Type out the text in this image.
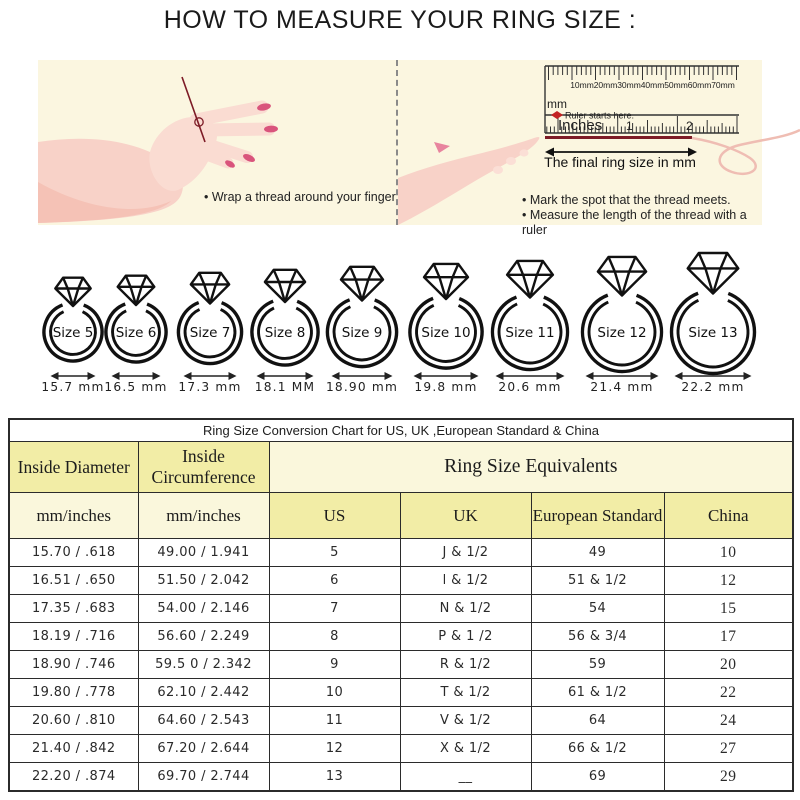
HOW TO MEASURE YOUR RING SIZE :
• Wrap a thread around your finger
10mm 20mm 30mm 40mm 50mm 60mm 70mm
mm
Ruler starts here.
Inches 1	2
The final ring size in mm
• Mark the spot that the thread meets.
• Measure the length of the thread with a ruler
Size 5
15.7 mm
Size 6
16.5 mm
Size 7
17.3 mm
Size 8
18.1 MM
Size 9
18.90 mm
Size 10
19.8 mm
Size 11
20.6 mm
Size 12
21.4 mm
Size 13
22.2 mm
Ring Size Conversion Chart for US, UK ,European Standard & China					
Inside Diameter	Inside Circumference	Ring Size Equivalents			
mm/inches	mm/inches	US	UK	European Standard	China
15.70 / .618	49.00 / 1.941	5	J & 1/2	49	10
16.51 / .650	51.50 / 2.042	6	l & 1/2	51 & 1/2	12
17.35 / .683	54.00 / 2.146	7	N & 1/2	54	15
18.19 / .716	56.60 / 2.249	8	P & 1 /2	56 & 3/4	17
18.90 / .746	59.5 0 / 2.342	9	R & 1/2	59	20
19.80 / .778	62.10 / 2.442	10	T & 1/2	61 & 1/2	22
20.60 / .810	64.60 / 2.543	11	V & 1/2	64	24
21.40 / .842	67.20 / 2.644	12	X & 1/2	66 & 1/2	27
22.20 / .874	69.70 / 2.744	13	__	69	29
